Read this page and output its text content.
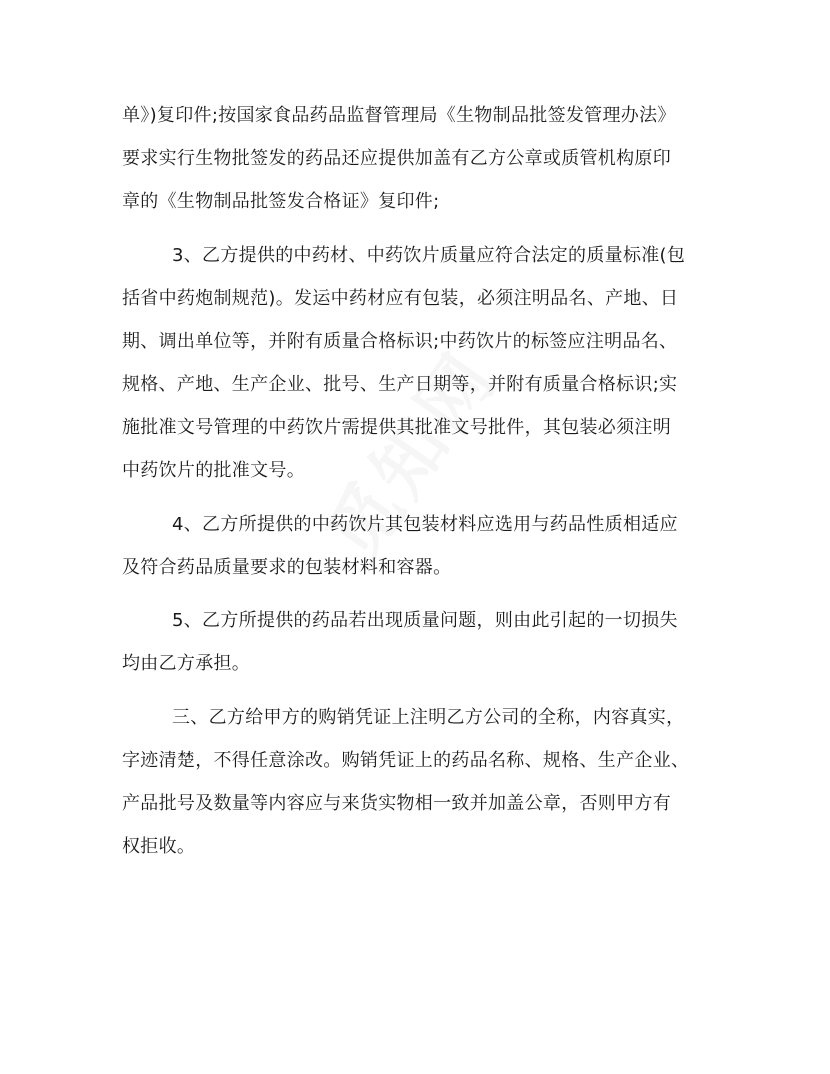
单》)复印件;按国家食品药品监督管理局《生物制品批签发管理办法》
要求实行生物批签发的药品还应提供加盖有乙方公章或质管机构原印
章的《生物制品批签发合格证》复印件;
3、乙方提供的中药材、中药饮片质量应符合法定的质量标准(包
括省中药炮制规范)。发运中药材应有包装，必须注明品名、产地、日
期、调出单位等，并附有质量合格标识;中药饮片的标签应注明品名、
规格、产地、生产企业、批号、生产日期等，并附有质量合格标识;实
施批准文号管理的中药饮片需提供其批准文号批件，其包装必须注明
中药饮片的批准文号。
4、乙方所提供的中药饮片其包装材料应选用与药品性质相适应
及符合药品质量要求的包装材料和容器。
5、乙方所提供的药品若出现质量问题，则由此引起的一切损失
均由乙方承担。
三、乙方给甲方的购销凭证上注明乙方公司的全称，内容真实，
字迹清楚，不得任意涂改。购销凭证上的药品名称、规格、生产企业、
产品批号及数量等内容应与来货实物相一致并加盖公章，否则甲方有
权拒收。
